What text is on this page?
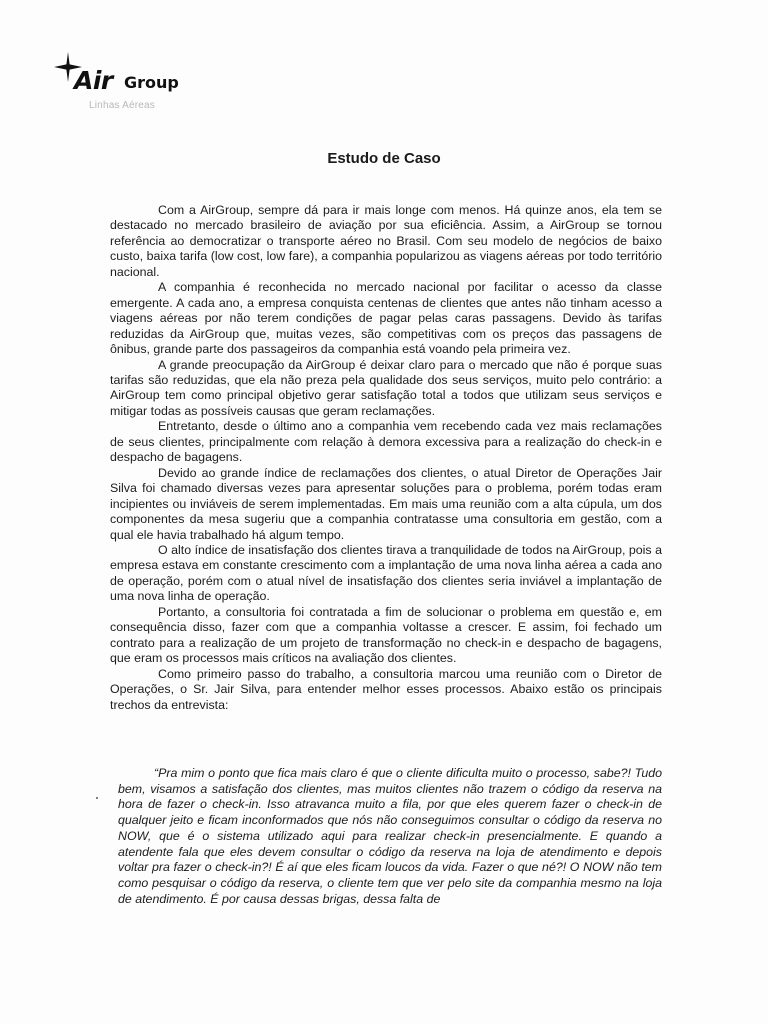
Air Group
Linhas Aéreas
Estudo de Caso

Com a AirGroup, sempre dá para ir mais longe com menos. Há quinze anos, ela tem se destacado no mercado brasileiro de aviação por sua eficiência. Assim, a AirGroup se tornou referência ao democratizar o transporte aéreo no Brasil. Com seu modelo de negócios de baixo custo, baixa tarifa (low cost, low fare), a companhia popularizou as viagens aéreas por todo território nacional.

A companhia é reconhecida no mercado nacional por facilitar o acesso da classe emergente. A cada ano, a empresa conquista centenas de clientes que antes não tinham acesso a viagens aéreas por não terem condições de pagar pelas caras passagens. Devido às tarifas reduzidas da AirGroup que, muitas vezes, são competitivas com os preços das passagens de ônibus, grande parte dos passageiros da companhia está voando pela primeira vez.

A grande preocupação da AirGroup é deixar claro para o mercado que não é porque suas tarifas são reduzidas, que ela não preza pela qualidade dos seus serviços, muito pelo contrário: a AirGroup tem como principal objetivo gerar satisfação total a todos que utilizam seus serviços e mitigar todas as possíveis causas que geram reclamações.

Entretanto, desde o último ano a companhia vem recebendo cada vez mais reclamações de seus clientes, principalmente com relação à demora excessiva para a realização do check-in e despacho de bagagens.

Devido ao grande índice de reclamações dos clientes, o atual Diretor de Operações Jair Silva foi chamado diversas vezes para apresentar soluções para o problema, porém todas eram incipientes ou inviáveis de serem implementadas. Em mais uma reunião com a alta cúpula, um dos componentes da mesa sugeriu que a companhia contratasse uma consultoria em gestão, com a qual ele havia trabalhado há algum tempo.

O alto índice de insatisfação dos clientes tirava a tranquilidade de todos na AirGroup, pois a empresa estava em constante crescimento com a implantação de uma nova linha aérea a cada ano de operação, porém com o atual nível de insatisfação dos clientes seria inviável a implantação de uma nova linha de operação.

Portanto, a consultoria foi contratada a fim de solucionar o problema em questão e, em consequência disso, fazer com que a companhia voltasse a crescer. E assim, foi fechado um contrato para a realização de um projeto de transformação no check-in e despacho de bagagens, que eram os processos mais críticos na avaliação dos clientes.

Como primeiro passo do trabalho, a consultoria marcou uma reunião com o Diretor de Operações, o Sr. Jair Silva, para entender melhor esses processos. Abaixo estão os principais trechos da entrevista:

“Pra mim o ponto que fica mais claro é que o cliente dificulta muito o processo, sabe?! Tudo bem, visamos a satisfação dos clientes, mas muitos clientes não trazem o código da reserva na hora de fazer o check-in. Isso atravanca muito a fila, por que eles querem fazer o check-in de qualquer jeito e ficam inconformados que nós não conseguimos consultar o código da reserva no NOW, que é o sistema utilizado aqui para realizar check-in presencialmente. E quando a atendente fala que eles devem consultar o código da reserva na loja de atendimento e depois voltar pra fazer o check-in?! É aí que eles ficam loucos da vida. Fazer o que né?! O NOW não tem como pesquisar o código da reserva, o cliente tem que ver pelo site da companhia mesmo na loja de atendimento. É por causa dessas brigas, dessa falta de
